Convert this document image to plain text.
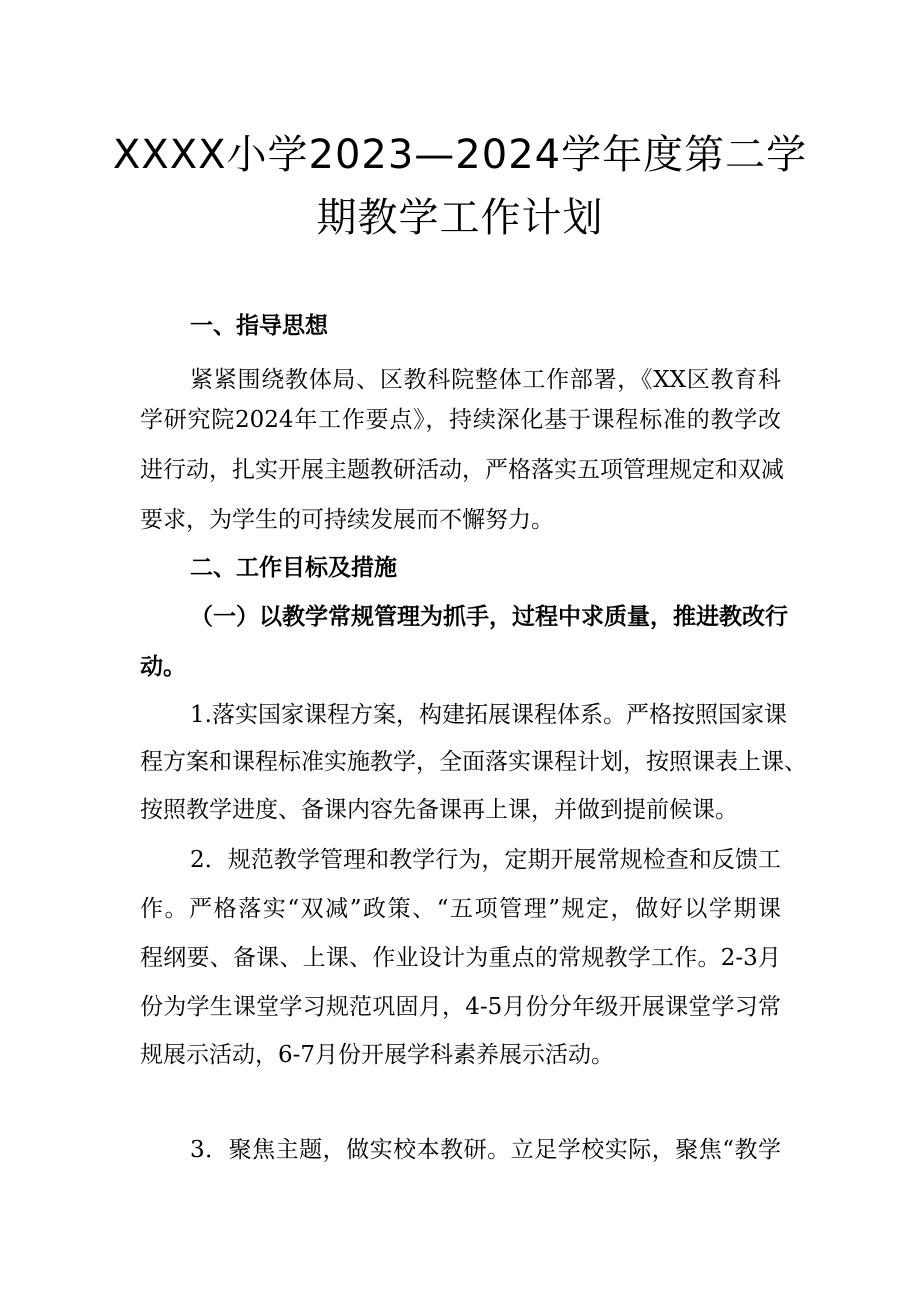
XXXX小学2023—2024学年度第二学
期教学工作计划
一、指导思想
紧紧围绕教体局、区教科院整体工作部署，《XX区教育科
学研究院2024年工作要点》，持续深化基于课程标准的教学改
进行动，扎实开展主题教研活动，严格落实五项管理规定和双减
要求，为学生的可持续发展而不懈努力。
二、工作目标及措施
（一）以教学常规管理为抓手，过程中求质量，推进教改行
动。
1.落实国家课程方案，构建拓展课程体系。严格按照国家课
程方案和课程标准实施教学，全面落实课程计划，按照课表上课、
按照教学进度、备课内容先备课再上课，并做到提前候课。
2．规范教学管理和教学行为，定期开展常规检查和反馈工
作。严格落实“双减”政策、“五项管理”规定，做好以学期课
程纲要、备课、上课、作业设计为重点的常规教学工作。2-3月
份为学生课堂学习规范巩固月，4-5月份分年级开展课堂学习常
规展示活动，6-7月份开展学科素养展示活动。
3．聚焦主题，做实校本教研。立足学校实际，聚焦“教学
